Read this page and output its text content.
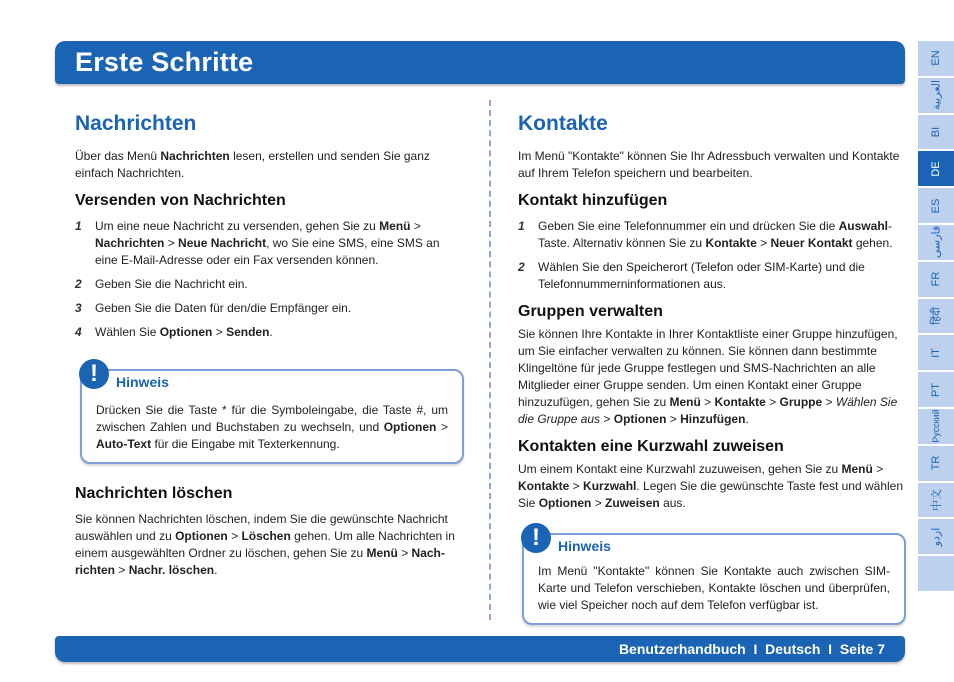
Erste Schritte
Nachrichten

Über das Menü Nachrichten lesen, erstellen und senden Sie ganz einfach Nachrichten.

Versenden von Nachrichten
1 Um eine neue Nachricht zu versenden, gehen Sie zu Menü > Nachrichten > Neue Nachricht, wo Sie eine SMS, eine SMS an eine E-Mail-Adresse oder ein Fax versenden können.
2 Geben Sie die Nachricht ein.
3 Geben Sie die Daten für den/die Empfänger ein.
4 Wählen Sie Optionen > Senden.
Nachrichten löschen

Sie können Nachrichten löschen, indem Sie die gewünschte Nachricht auswählen und zu Optionen > Löschen gehen. Um alle Nachrichten in einem ausgewählten Ordner zu löschen, gehen Sie zu Menü > Nach-richten > Nachr. löschen.

Drücken Sie die Taste * für die Symboleingabe, die Taste #, um zwischen Zahlen und Buchstaben zu wechseln, und Optionen > Auto-Text für die Eingabe mit Texterkennung.
!	Hinweis
Kontakte

Im Menü "Kontakte" können Sie Ihr Adressbuch verwalten und Kontakte auf Ihrem Telefon speichern und bearbeiten.

Kontakt hinzufügen
1 Geben Sie eine Telefonnummer ein und drücken Sie die Auswahl-Taste. Alternativ können Sie zu Kontakte > Neuer Kontakt gehen.
2 Wählen Sie den Speicherort (Telefon oder SIM-Karte) und die Telefonnummerninformationen aus.
Gruppen verwalten

Sie können Ihre Kontakte in Ihrer Kontaktliste einer Gruppe hinzufügen, um Sie einfacher verwalten zu können. Sie können dann bestimmte Klingeltöne für jede Gruppe festlegen und SMS-Nachrichten an alle Mitglieder einer Gruppe senden. Um einen Kontakt einer Gruppe hinzuzufügen, gehen Sie zu Menü > Kontakte > Gruppe > Wählen Sie die Gruppe aus > Optionen > Hinzufügen.

Kontakten eine Kurzwahl zuweisen

Um einem Kontakt eine Kurzwahl zuzuweisen, gehen Sie zu Menü > Kontakte > Kurzwahl. Legen Sie die gewünschte Taste fest und wählen Sie Optionen > Zuweisen aus.

Im Menü "Kontakte" können Sie Kontakte auch zwischen SIM-Karte und Telefon verschieben, Kontakte löschen und überprüfen, wie viel Speicher noch auf dem Telefon verfügbar ist.
!	Hinweis
Benutzerhandbuch  I  Deutsch  I  Seite 7
EN
العربية
BI
DE
ES
فارسی
FR
हिंदी
IT
PT
Русский
TR
中文
اردو
